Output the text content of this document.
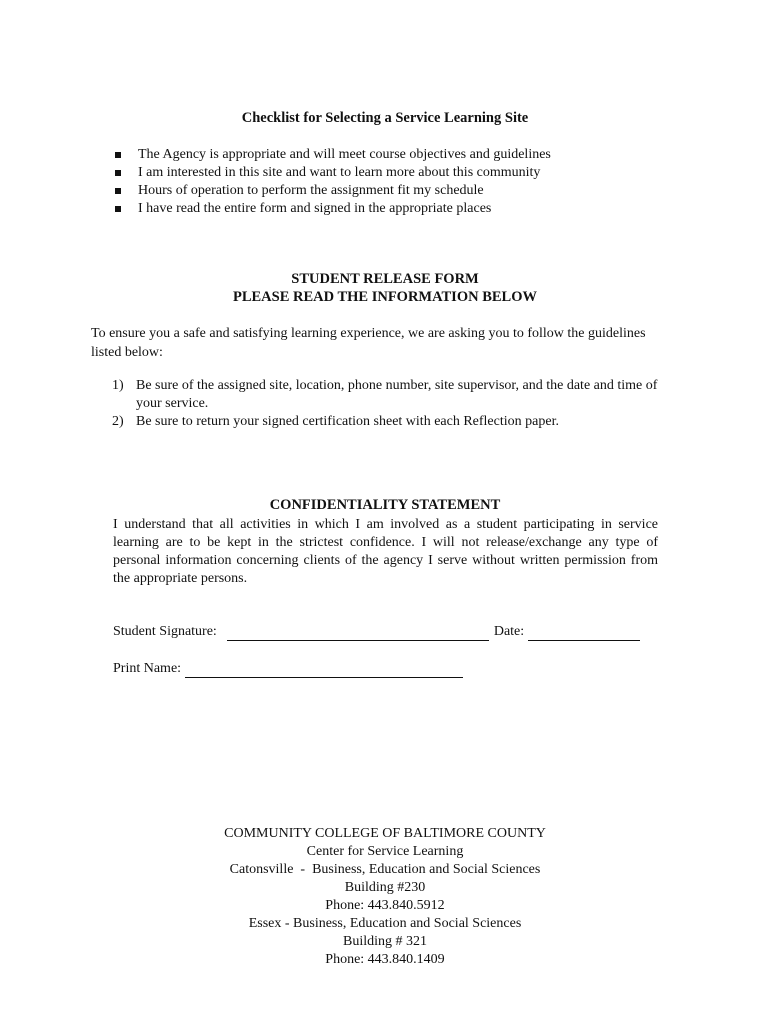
Checklist for Selecting a Service Learning Site
The Agency is appropriate and will meet course objectives and guidelines
I am interested in this site and want to learn more about this community
Hours of operation to perform the assignment fit my schedule
I have read the entire form and signed in the appropriate places
STUDENT RELEASE FORM
PLEASE READ THE INFORMATION BELOW
To ensure you a safe and satisfying learning experience, we are asking you to follow the guidelines listed below:
1) Be sure of the assigned site, location, phone number, site supervisor, and the date and time of your service.
2) Be sure to return your signed certification sheet with each Reflection paper.
CONFIDENTIALITY STATEMENT
I understand that all activities in which I am involved as a student participating in service learning are to be kept in the strictest confidence. I will not release/exchange any type of personal information concerning clients of the agency I serve without written permission from the appropriate persons.
Student Signature:	Date:
Print Name:
COMMUNITY COLLEGE OF BALTIMORE COUNTY
Center for Service Learning
Catonsville  -  Business, Education and Social Sciences
Building #230
Phone: 443.840.5912
Essex - Business, Education and Social Sciences
Building # 321
Phone: 443.840.1409
